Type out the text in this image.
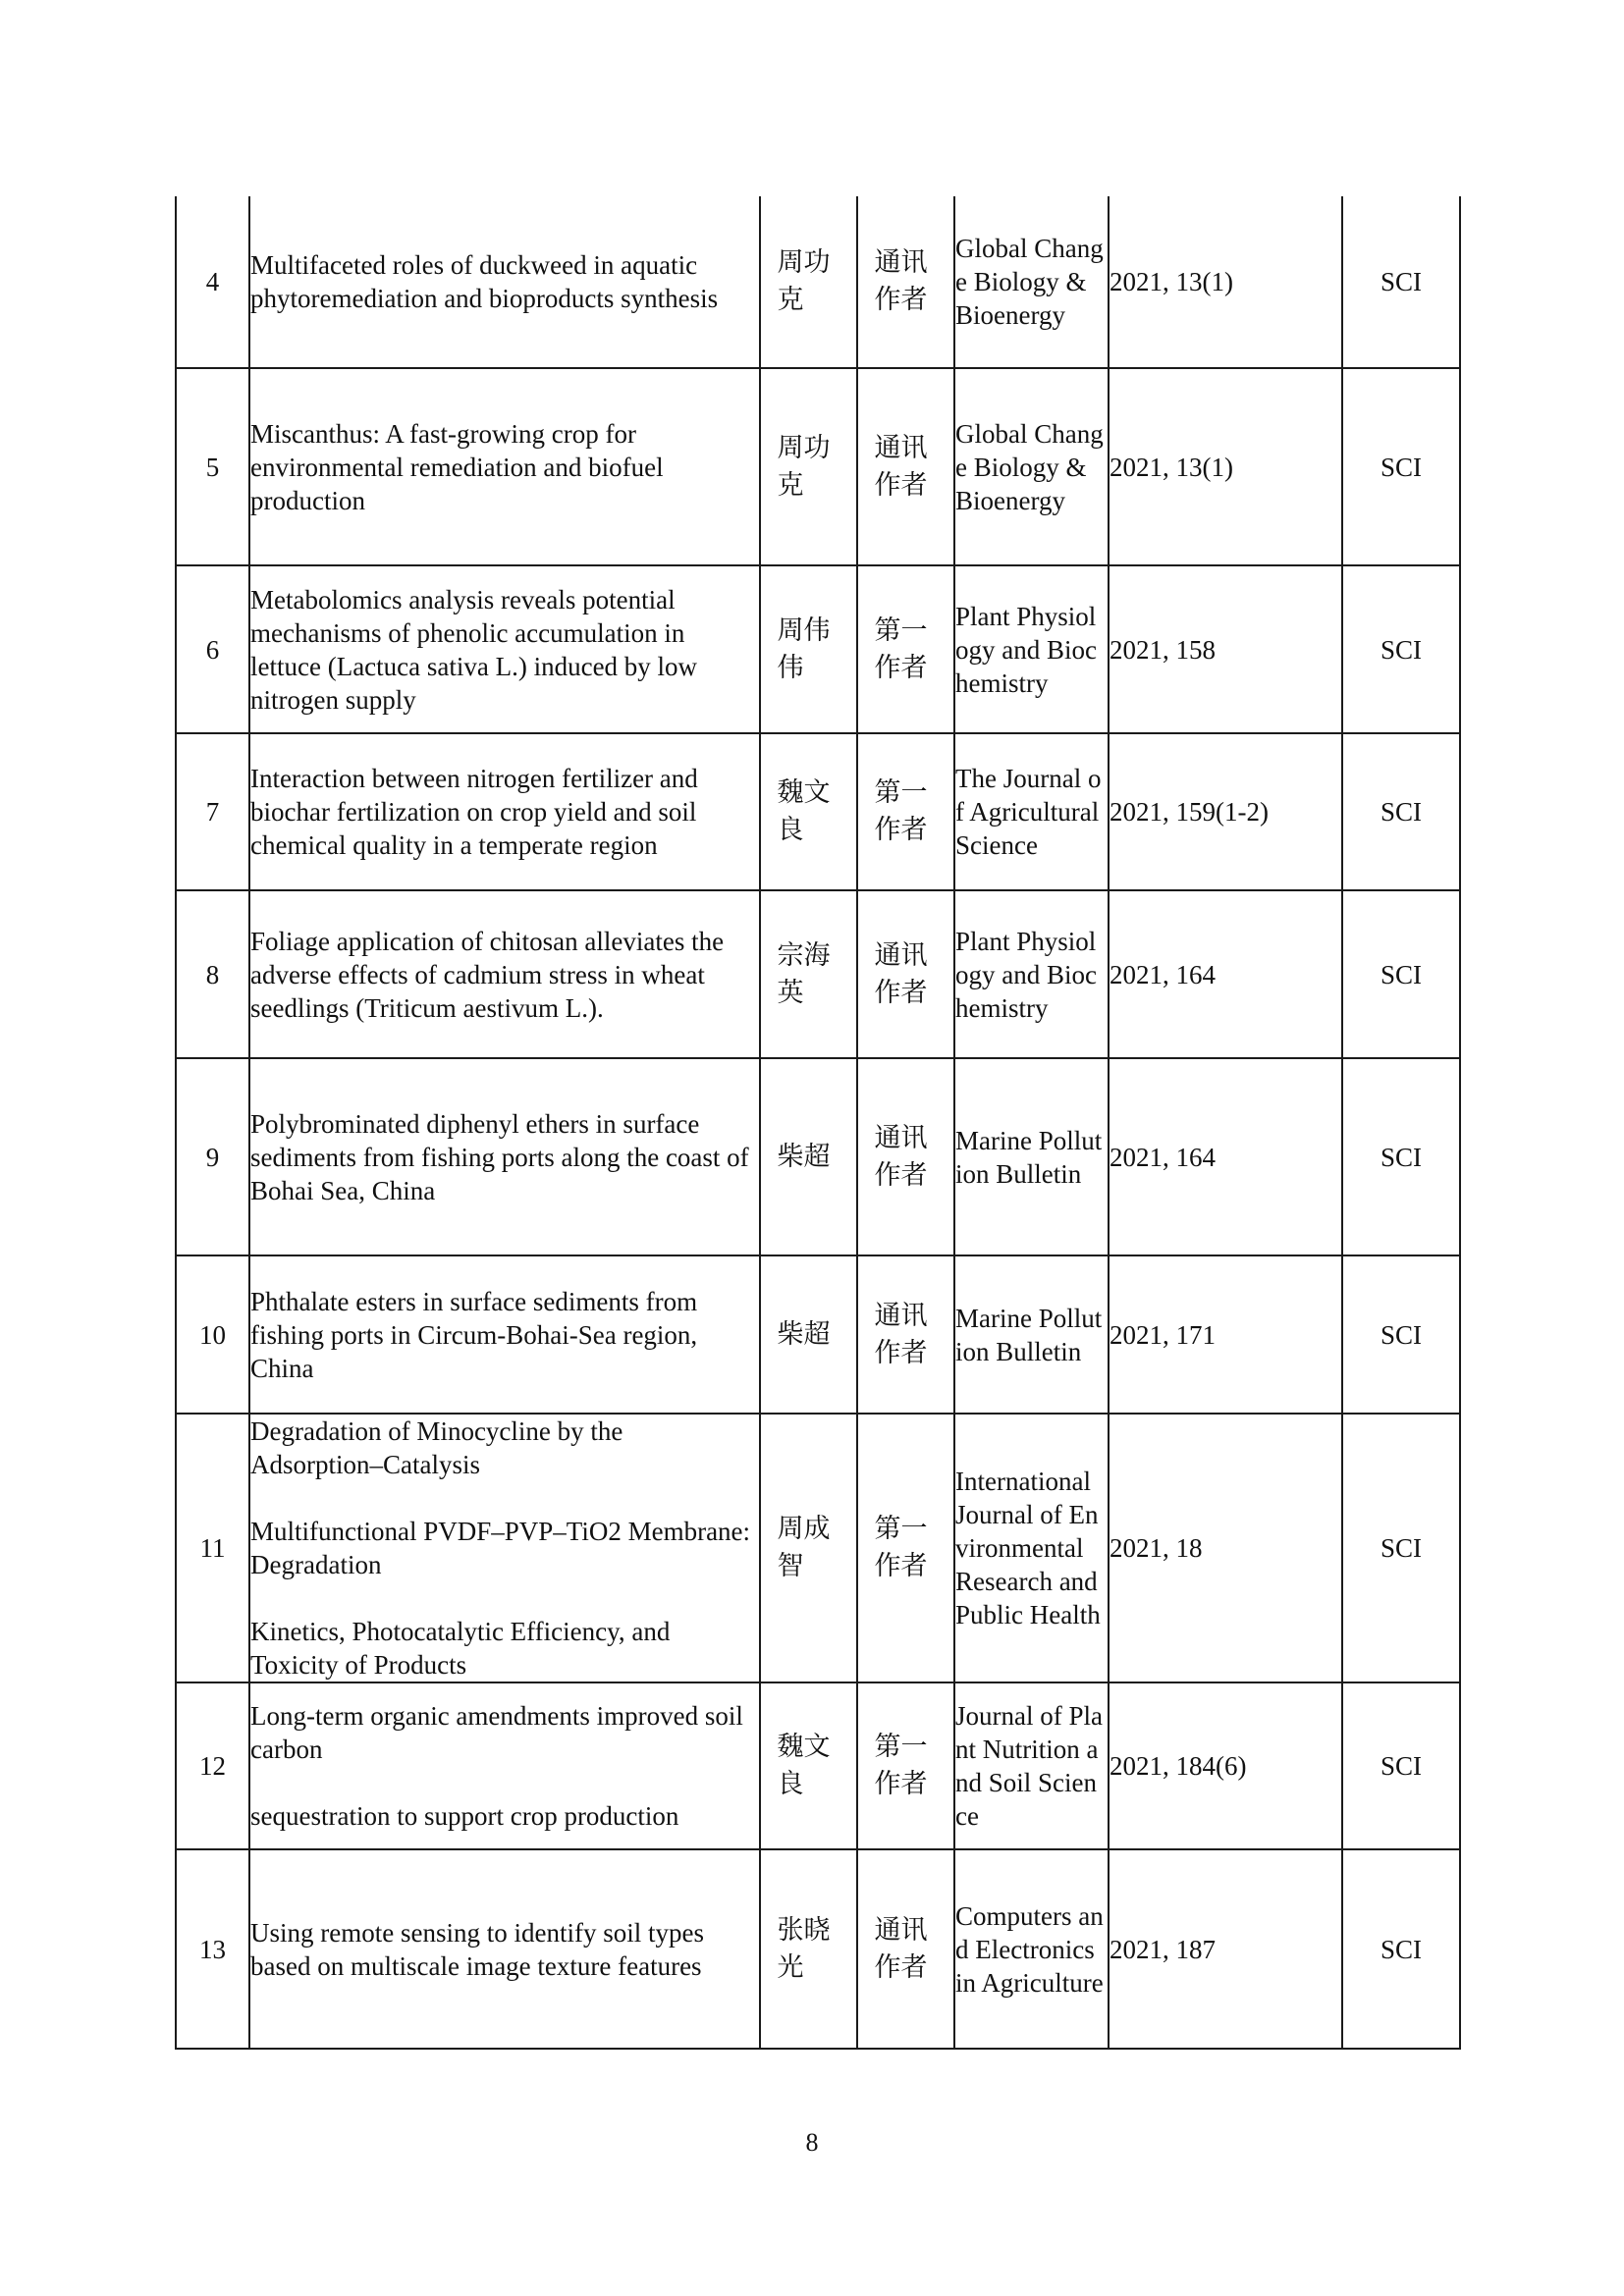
4	Multifaceted roles of duckweed in aquatic phytoremediation and bioproducts synthesis	周功克	通讯作者	Global Change Biology & Bioenergy	2021, 13(1)	SCI
5	Miscanthus: A fast-growing crop for environmental remediation and biofuel production	周功克	通讯作者	Global Change Biology & Bioenergy	2021, 13(1)	SCI
6	Metabolomics analysis reveals potential mechanisms of phenolic accumulation in lettuce (Lactuca sativa L.) induced by low nitrogen supply	周伟伟	第一作者	Plant Physiology and Biochemistry	2021, 158	SCI
7	Interaction between nitrogen fertilizer and biochar fertilization on crop yield and soil chemical quality in a temperate region	魏文良	第一作者	The Journal of Agricultural Science	2021, 159(1-2)	SCI
8	Foliage application of chitosan alleviates the adverse effects of cadmium stress in wheat seedlings (Triticum aestivum L.).	宗海英	通讯作者	Plant Physiology and Biochemistry	2021, 164	SCI
9	Polybrominated diphenyl ethers in surface sediments from fishing ports along the coast of Bohai Sea, China	柴超	通讯作者	Marine Pollution Bulletin	2021, 164	SCI
10	Phthalate esters in surface sediments from fishing ports in Circum-Bohai-Sea region, China	柴超	通讯作者	Marine Pollution Bulletin	2021, 171	SCI
11	Degradation of Minocycline by the Adsorption–Catalysis

Multifunctional PVDF–PVP–TiO2 Membrane: Degradation

Kinetics, Photocatalytic Efficiency, and Toxicity of Products	周成智	第一作者	International Journal of Environmental Research and Public Health	2021, 18	SCI
12	Long-term organic amendments improved soil carbon

sequestration to support crop production	魏文良	第一作者	Journal of Plant Nutrition and Soil Science	2021, 184(6)	SCI
13	Using remote sensing to identify soil types based on multiscale image texture features	张晓光	通讯作者	Computers and Electronics in Agriculture	2021, 187	SCI
8
